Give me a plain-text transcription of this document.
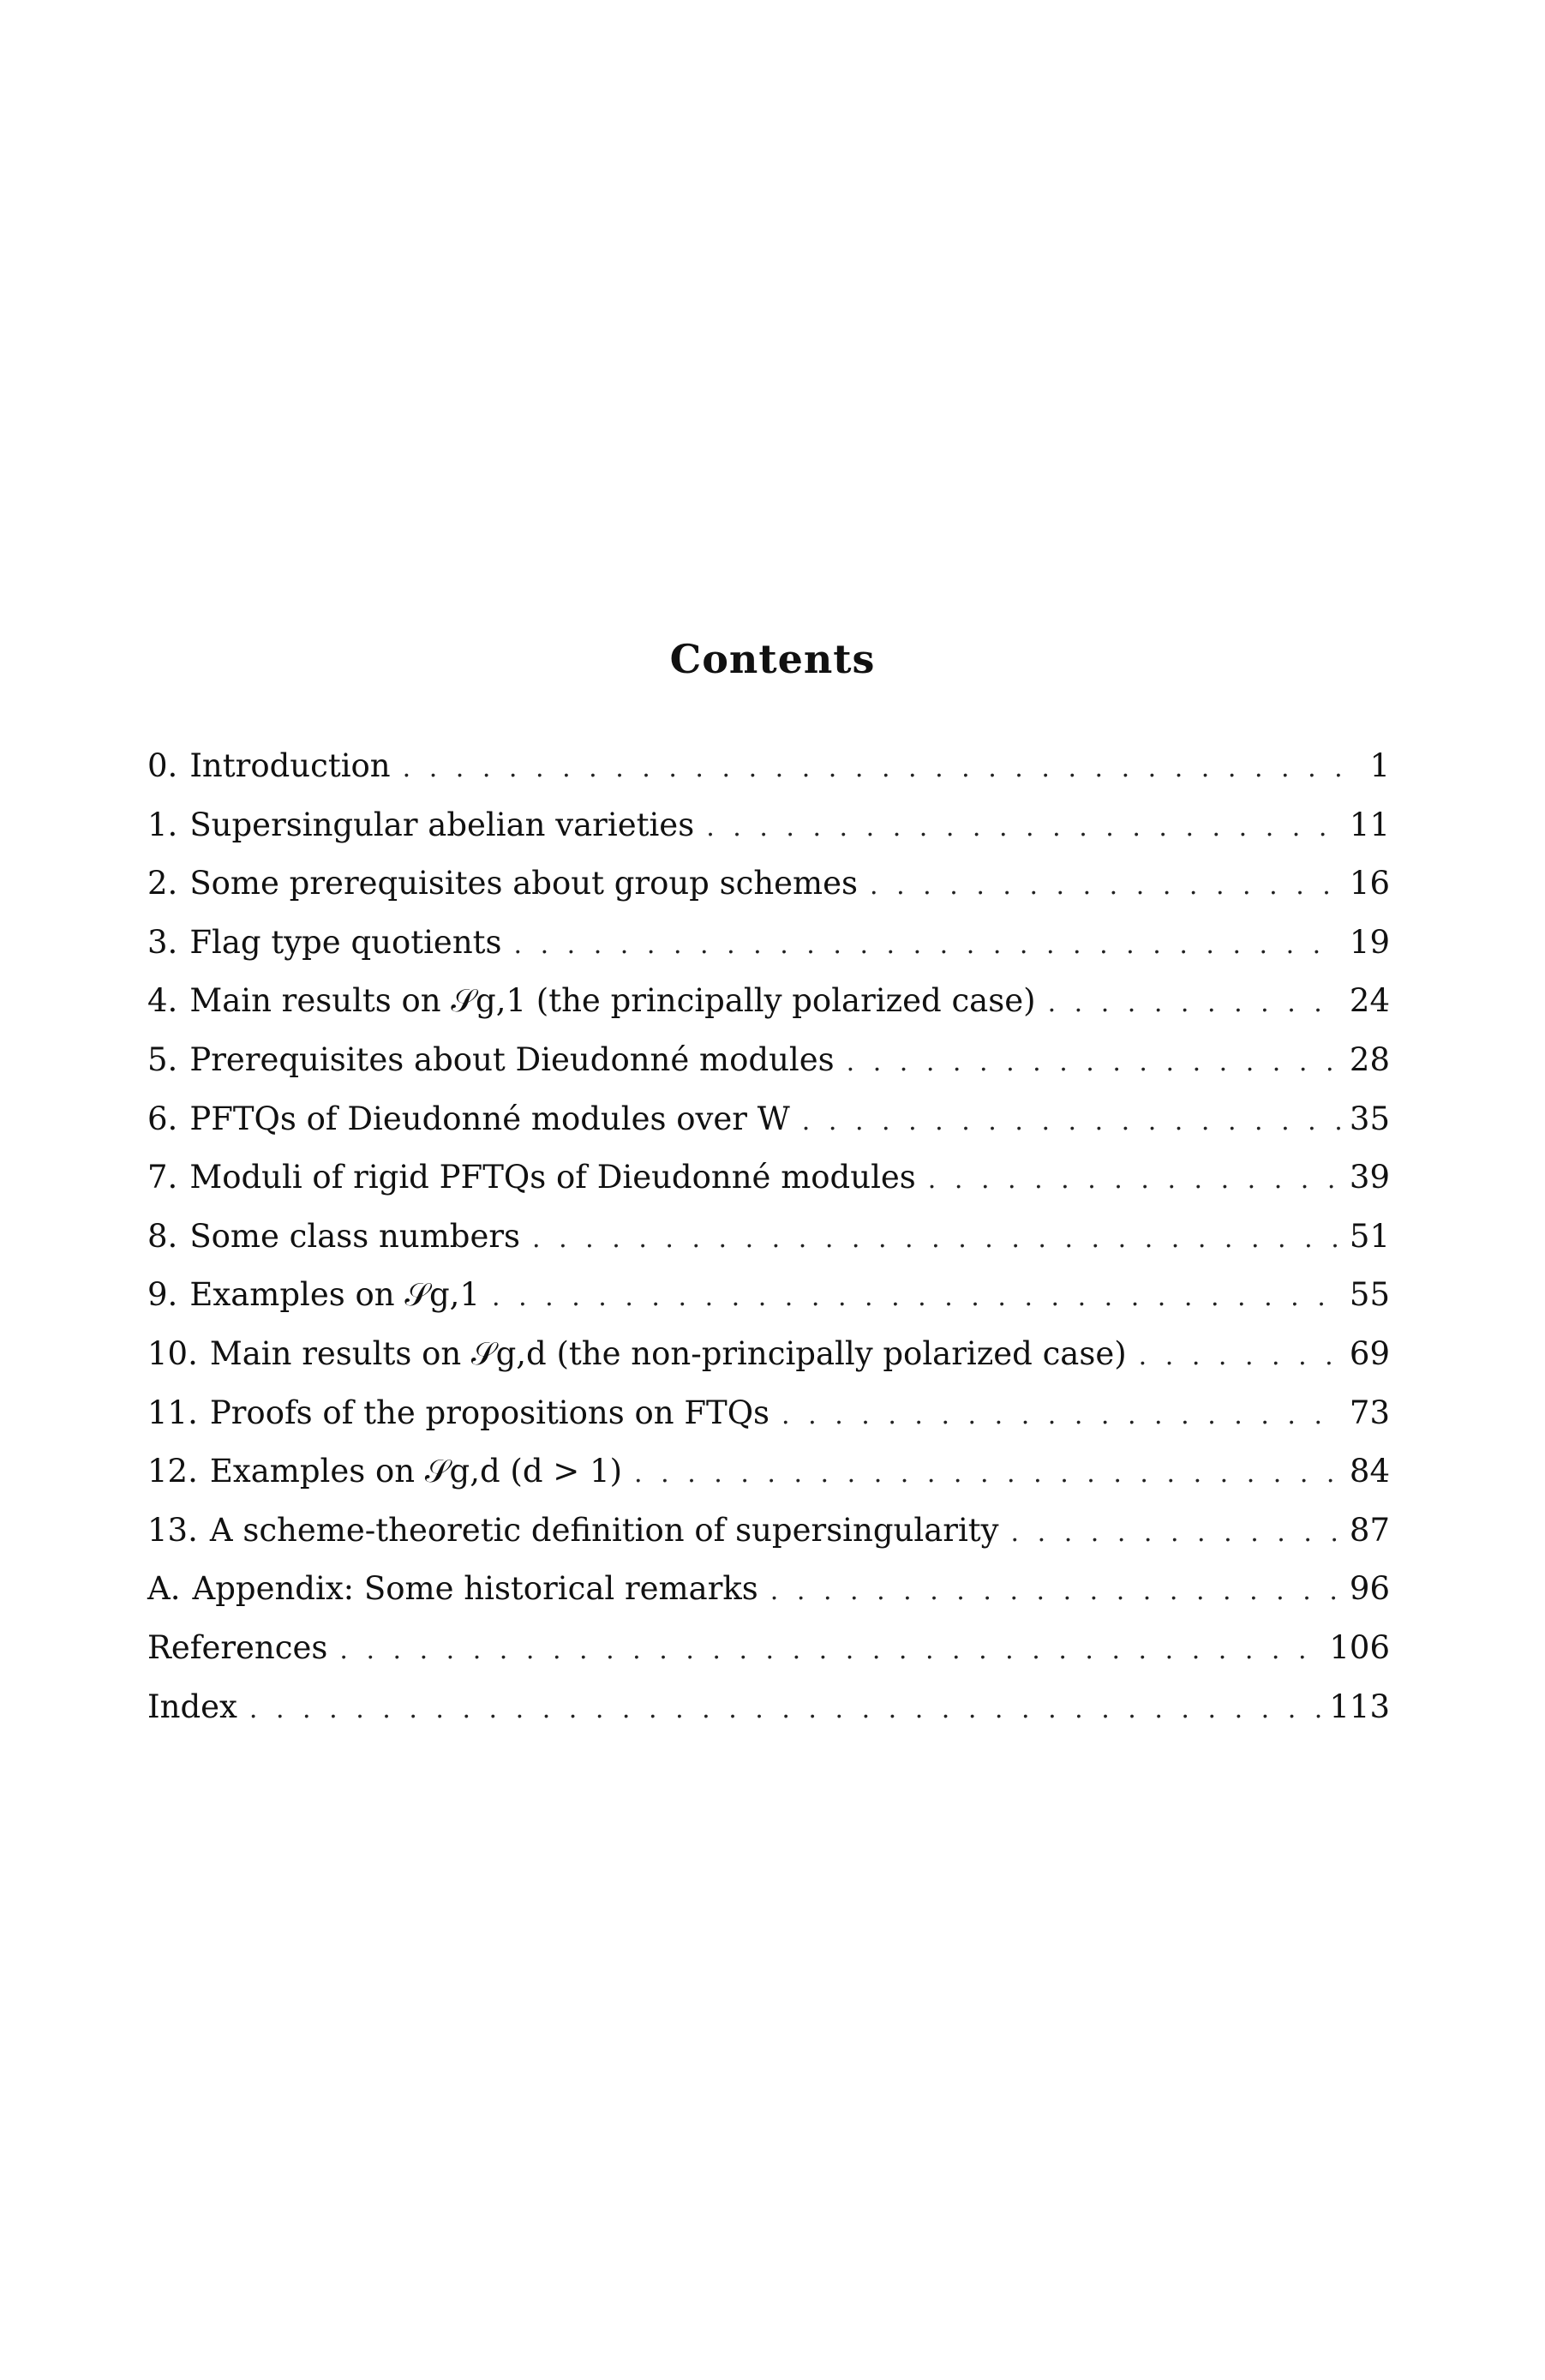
Contents
0. Introduction . . .	1
1. Supersingular abelian varieties . . .	11
2. Some prerequisites about group schemes . . .	16
3. Flag type quotients . . .	19
4. Main results on 𝒮g,1 (the principally polarized case) . . .	24
5. Prerequisites about Dieudonné modules . . .	28
6. PFTQs of Dieudonné modules over W . . .	35
7. Moduli of rigid PFTQs of Dieudonné modules . . .	39
8. Some class numbers . . .	51
9. Examples on 𝒮g,1 . . .	55
10. Main results on 𝒮g,d (the non-principally polarized case) . . .	69
11. Proofs of the propositions on FTQs . . .	73
12. Examples on 𝒮g,d (d > 1) . . .	84
13. A scheme-theoretic definition of supersingularity . . .	87
A. Appendix: Some historical remarks . . .	96
References . . .	106
Index . . .	113
